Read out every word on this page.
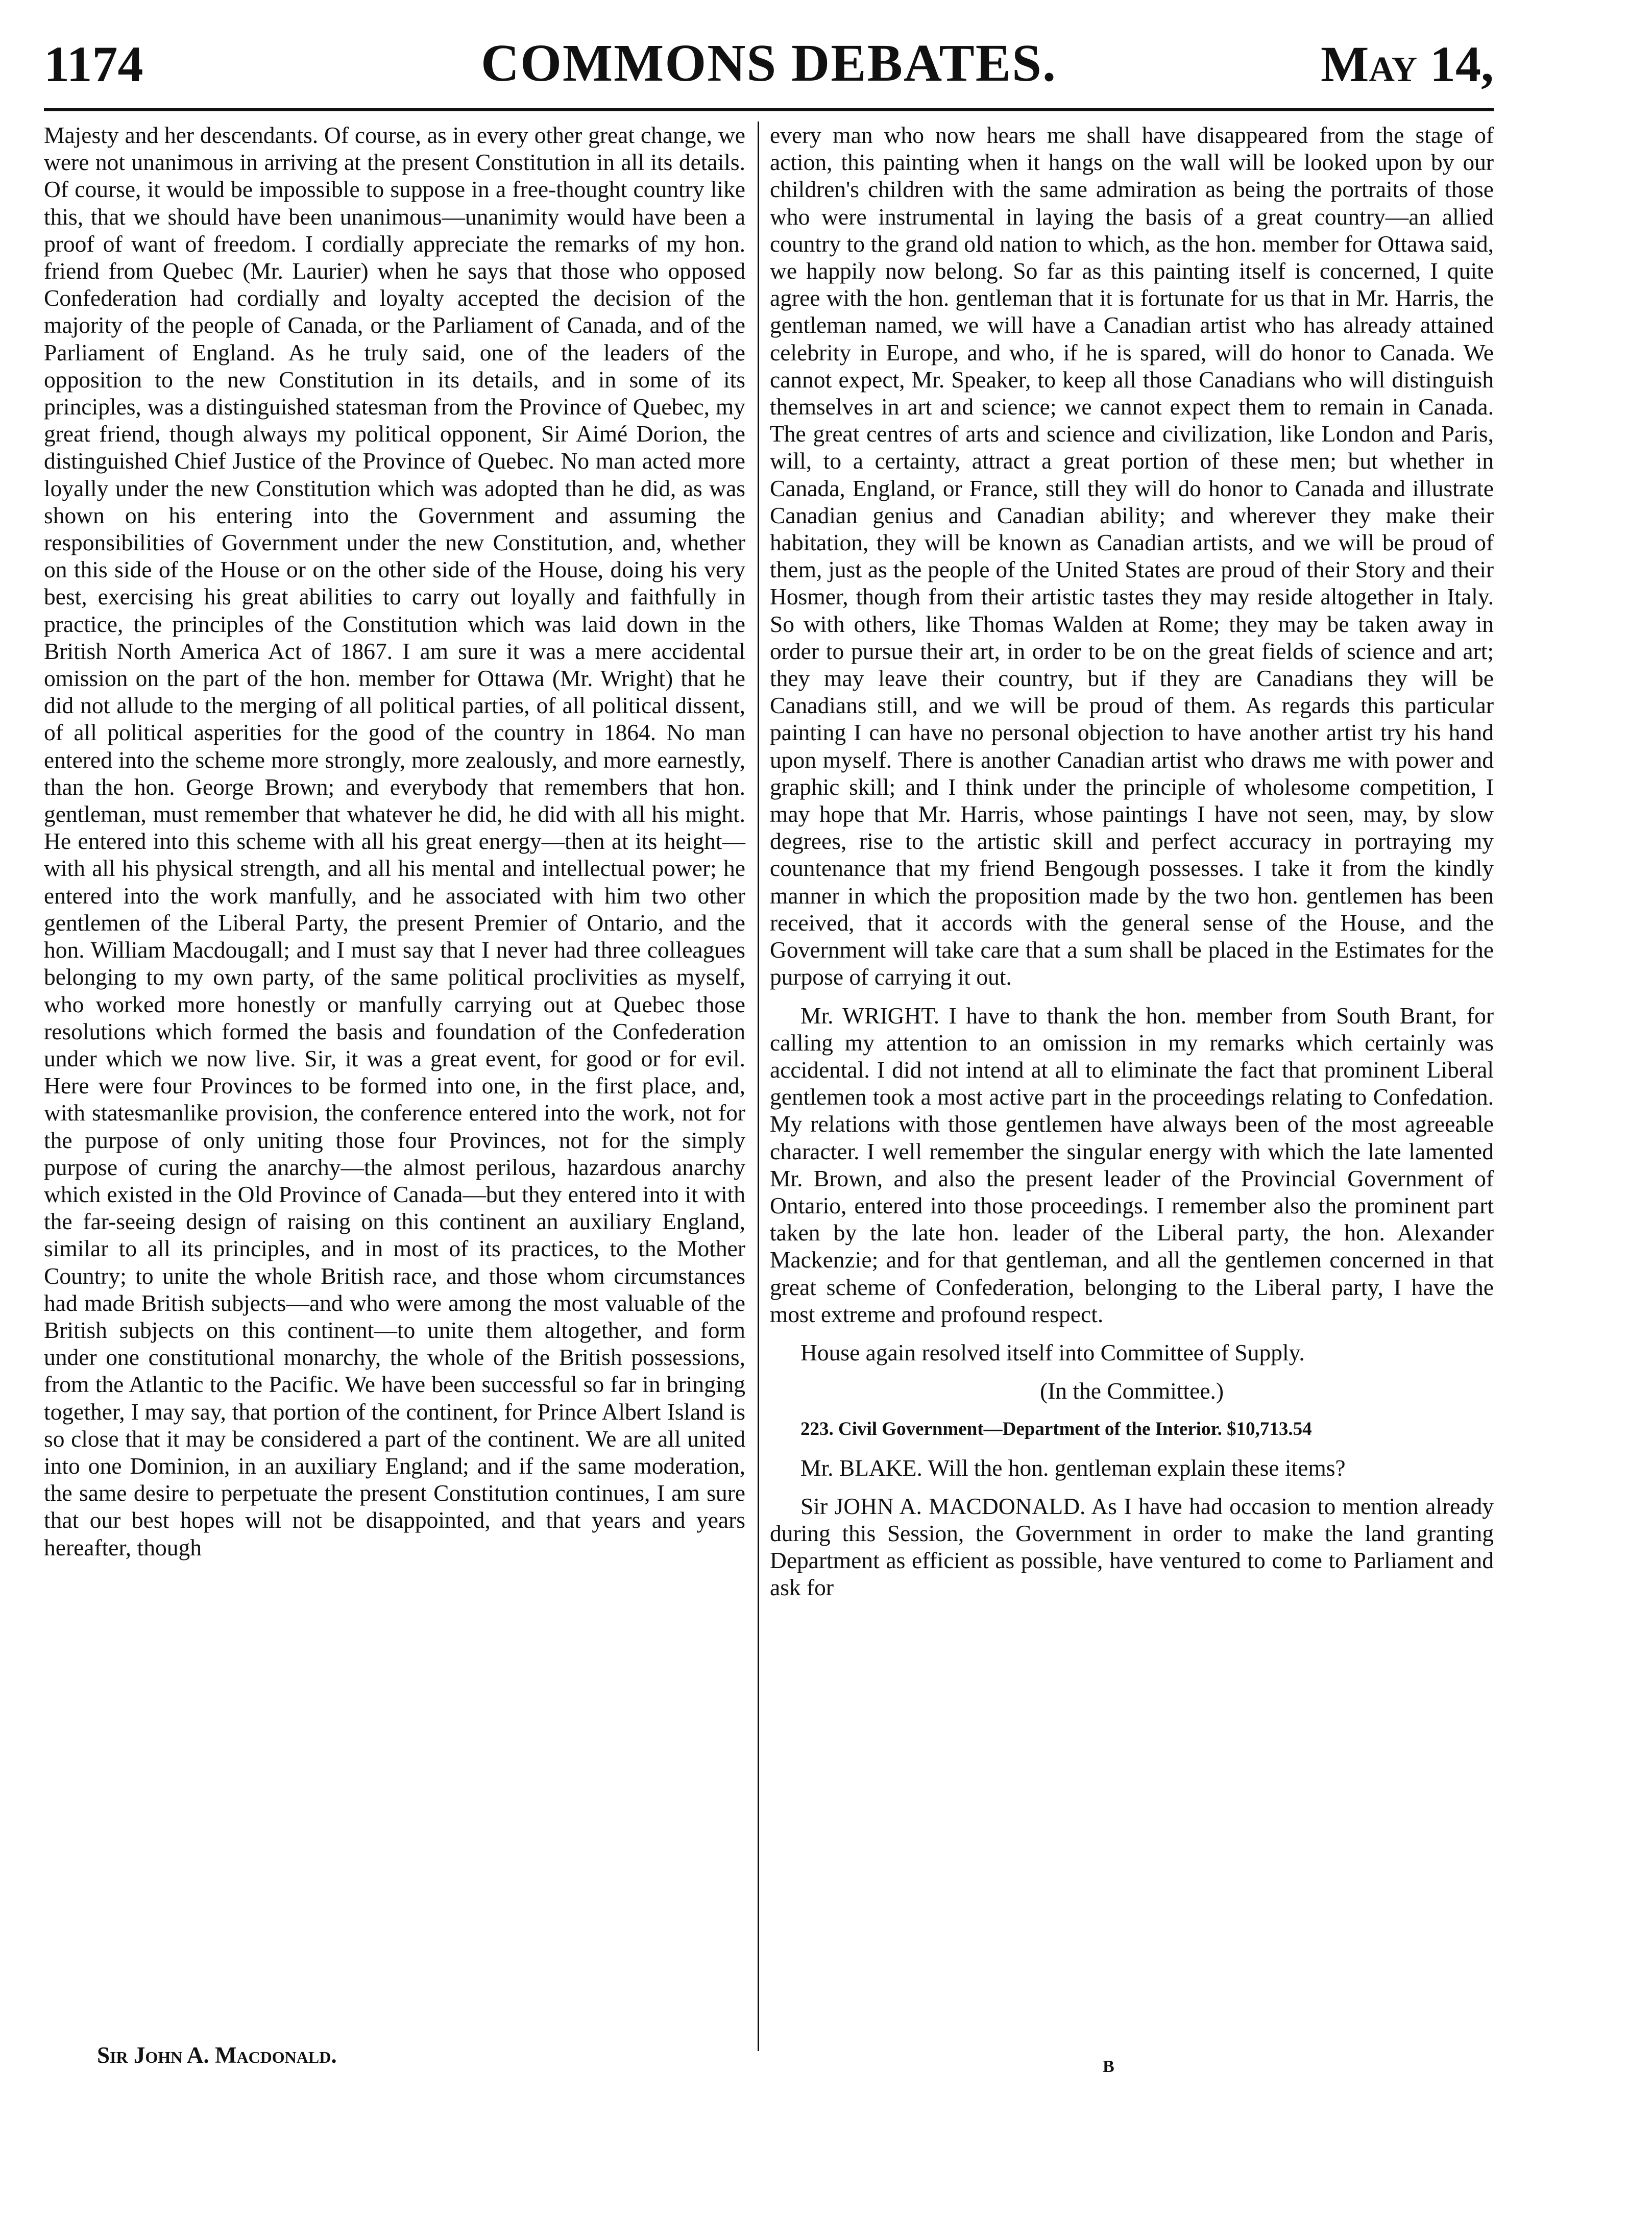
1174	COMMONS DEBATES.	May 14,

Majesty and her descendants. Of course, as in every other great change, we were not unanimous in arriving at the present Constitution in all its details. Of course, it would be impossible to suppose in a free-thought country like this, that we should have been unanimous—unanimity would have been a proof of want of freedom. I cordially appreciate the remarks of my hon. friend from Quebec (Mr. Laurier) when he says that those who opposed Confederation had cordially and loyalty accepted the decision of the majority of the people of Canada, or the Parliament of Canada, and of the Parliament of England. As he truly said, one of the leaders of the opposition to the new Constitution in its details, and in some of its principles, was a distinguished statesman from the Province of Quebec, my great friend, though always my political opponent, Sir Aimé Dorion, the distinguished Chief Justice of the Province of Quebec. No man acted more loyally under the new Constitution which was adopted than he did, as was shown on his entering into the Government and assuming the responsibilities of Government under the new Constitution, and, whether on this side of the House or on the other side of the House, doing his very best, exercising his great abilities to carry out loyally and faithfully in practice, the principles of the Constitution which was laid down in the British North America Act of 1867. I am sure it was a mere accidental omission on the part of the hon. member for Ottawa (Mr. Wright) that he did not allude to the merging of all political parties, of all political dissent, of all political asperities for the good of the country in 1864. No man entered into the scheme more strongly, more zealously, and more earnestly, than the hon. George Brown; and everybody that remembers that hon. gentleman, must remember that whatever he did, he did with all his might. He entered into this scheme with all his great energy—then at its height—with all his physical strength, and all his mental and intellectual power; he entered into the work manfully, and he associated with him two other gentlemen of the Liberal Party, the present Premier of Ontario, and the hon. William Macdougall; and I must say that I never had three colleagues belonging to my own party, of the same political proclivities as myself, who worked more honestly or manfully carrying out at Quebec those resolutions which formed the basis and foundation of the Confederation under which we now live. Sir, it was a great event, for good or for evil. Here were four Provinces to be formed into one, in the first place, and, with statesmanlike provision, the conference entered into the work, not for the purpose of only uniting those four Provinces, not for the simply purpose of curing the anarchy—the almost perilous, hazardous anarchy which existed in the Old Province of Canada—but they entered into it with the far-seeing design of raising on this continent an auxiliary England, similar to all its principles, and in most of its practices, to the Mother Country; to unite the whole British race, and those whom circumstances had made British subjects—and who were among the most valuable of the British subjects on this continent—to unite them altogether, and form under one constitutional monarchy, the whole of the British possessions, from the Atlantic to the Pacific. We have been successful so far in bringing together, I may say, that portion of the continent, for Prince Albert Island is so close that it may be considered a part of the continent. We are all united into one Dominion, in an auxiliary England; and if the same moderation, the same desire to perpetuate the present Constitution continues, I am sure that our best hopes will not be disappointed, and that years and years hereafter, though

every man who now hears me shall have disappeared from the stage of action, this painting when it hangs on the wall will be looked upon by our children's children with the same admiration as being the portraits of those who were instrumental in laying the basis of a great country—an allied country to the grand old nation to which, as the hon. member for Ottawa said, we happily now belong. So far as this painting itself is concerned, I quite agree with the hon. gentleman that it is fortunate for us that in Mr. Harris, the gentleman named, we will have a Canadian artist who has already attained celebrity in Europe, and who, if he is spared, will do honor to Canada. We cannot expect, Mr. Speaker, to keep all those Canadians who will distinguish themselves in art and science; we cannot expect them to remain in Canada. The great centres of arts and science and civilization, like London and Paris, will, to a certainty, attract a great portion of these men; but whether in Canada, England, or France, still they will do honor to Canada and illustrate Canadian genius and Canadian ability; and wherever they make their habitation, they will be known as Canadian artists, and we will be proud of them, just as the people of the United States are proud of their Story and their Hosmer, though from their artistic tastes they may reside altogether in Italy. So with others, like Thomas Walden at Rome; they may be taken away in order to pursue their art, in order to be on the great fields of science and art; they may leave their country, but if they are Canadians they will be Canadians still, and we will be proud of them. As regards this particular painting I can have no personal objection to have another artist try his hand upon myself. There is another Canadian artist who draws me with power and graphic skill; and I think under the principle of wholesome competition, I may hope that Mr. Harris, whose paintings I have not seen, may, by slow degrees, rise to the artistic skill and perfect accuracy in portraying my countenance that my friend Bengough possesses. I take it from the kindly manner in which the proposition made by the two hon. gentlemen has been received, that it accords with the general sense of the House, and the Government will take care that a sum shall be placed in the Estimates for the purpose of carrying it out.

Mr. WRIGHT. I have to thank the hon. member from South Brant, for calling my attention to an omission in my remarks which certainly was accidental. I did not intend at all to eliminate the fact that prominent Liberal gentlemen took a most active part in the proceedings relating to Confedation. My relations with those gentlemen have always been of the most agreeable character. I well remember the singular energy with which the late lamented Mr. Brown, and also the present leader of the Provincial Government of Ontario, entered into those proceedings. I remember also the prominent part taken by the late hon. leader of the Liberal party, the hon. Alexander Mackenzie; and for that gentleman, and all the gentlemen concerned in that great scheme of Confederation, belonging to the Liberal party, I have the most extreme and profound respect.

House again resolved itself into Committee of Supply.

(In the Committee.)

223. Civil Government—Department of the Interior. $10,713.54

Mr. BLAKE. Will the hon. gentleman explain these items?

Sir JOHN A. MACDONALD. As I have had occasion to mention already during this Session, the Government in order to make the land granting Department as efficient as possible, have ventured to come to Parliament and ask for

Sir John A. Macdonald.	B
